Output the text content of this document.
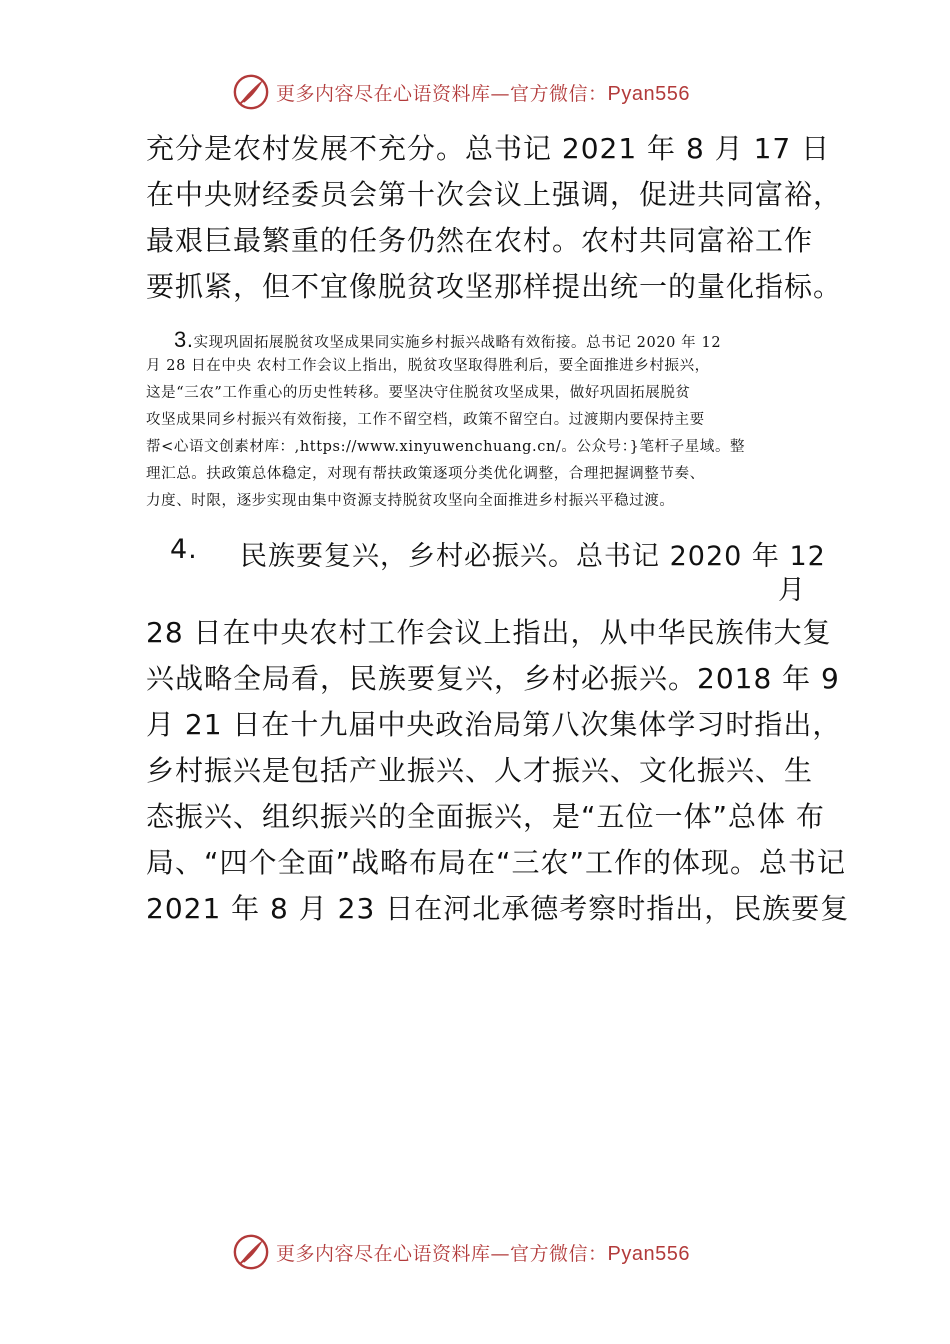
更多内容尽在心语资料库—官方微信：Pyan556
充分是农村发展不充分。总书记 2021 年 8 月 17 日
在中央财经委员会第十次会议上强调，促进共同富裕，
最艰巨最繁重的任务仍然在农村。农村共同富裕工作
要抓紧，但不宜像脱贫攻坚那样提出统一的量化指标。
3.实现巩固拓展脱贫攻坚成果同实施乡村振兴战略有效衔接。总书记 2020 年 12
月 28 日在中央 农村工作会议上指出，脱贫攻坚取得胜利后，要全面推进乡村振兴，
这是“三农”工作重心的历史性转移。要坚决守住脱贫攻坚成果，做好巩固拓展脱贫
攻坚成果同乡村振兴有效衔接，工作不留空档，政策不留空白。过渡期内要保持主要
帮<心语文创素材库：,https://www.xinyuwenchuang.cn/。公众号：}笔杆子星域。整
理汇总。扶政策总体稳定，对现有帮扶政策逐项分类优化调整，合理把握调整节奏、
力度、时限，逐步实现由集中资源支持脱贫攻坚向全面推进乡村振兴平稳过渡。
4. 民族要复兴，乡村必振兴。总书记 2020 年 12
月
28 日在中央农村工作会议上指出，从中华民族伟大复
兴战略全局看，民族要复兴，乡村必振兴。2018 年 9
月 21 日在十九届中央政治局第八次集体学习时指出，
乡村振兴是包括产业振兴、人才振兴、文化振兴、生
态振兴、组织振兴的全面振兴，是“五位一体”总体 布
局、“四个全面”战略布局在“三农”工作的体现。总书记
2021 年 8 月 23 日在河北承德考察时指出，民族要复
更多内容尽在心语资料库—官方微信：Pyan556
